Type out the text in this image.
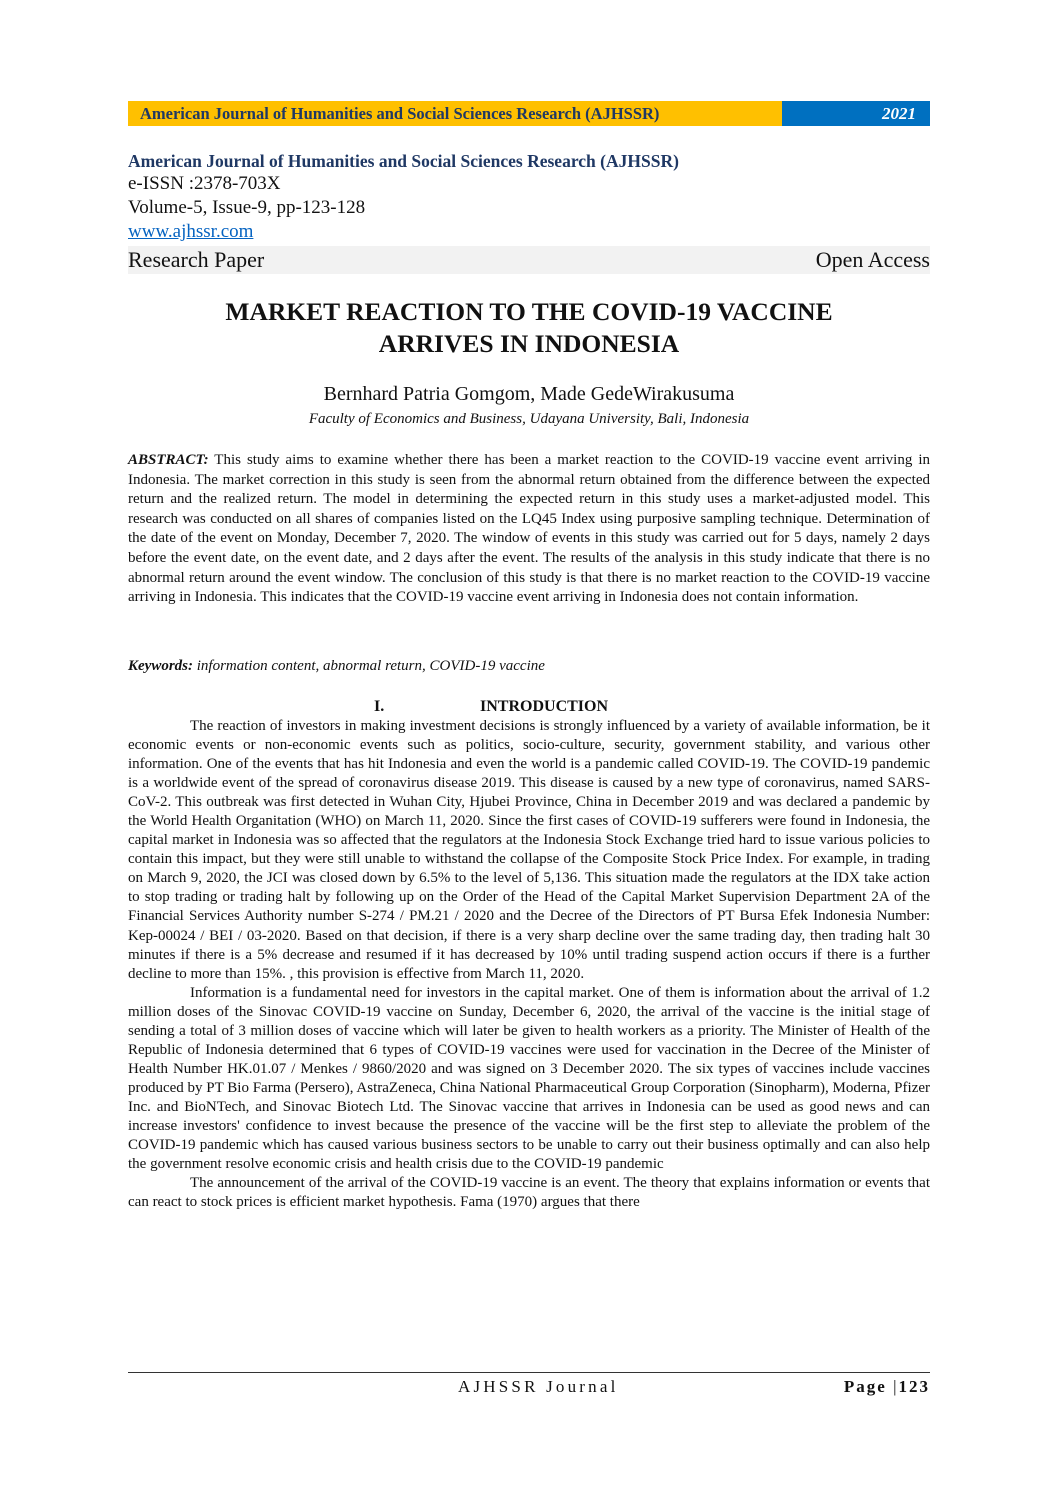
American Journal of Humanities and Social Sciences Research (AJHSSR)	2021
American Journal of Humanities and Social Sciences Research (AJHSSR)
e-ISSN :2378-703X
Volume-5, Issue-9, pp-123-128
www.ajhssr.com
Research Paper	Open Access
MARKET REACTION TO THE COVID-19 VACCINE
ARRIVES IN INDONESIA
Bernhard Patria Gomgom, Made GedeWirakusuma
Faculty of Economics and Business, Udayana University, Bali, Indonesia
ABSTRACT: This study aims to examine whether there has been a market reaction to the COVID-19 vaccine event arriving in Indonesia. The market correction in this study is seen from the abnormal return obtained from the difference between the expected return and the realized return. The model in determining the expected return in this study uses a market-adjusted model. This research was conducted on all shares of companies listed on the LQ45 Index using purposive sampling technique. Determination of the date of the event on Monday, December 7, 2020. The window of events in this study was carried out for 5 days, namely 2 days before the event date, on the event date, and 2 days after the event. The results of the analysis in this study indicate that there is no abnormal return around the event window. The conclusion of this study is that there is no market reaction to the COVID-19 vaccine arriving in Indonesia. This indicates that the COVID-19 vaccine event arriving in Indonesia does not contain information.
Keywords: information content, abnormal return, COVID-19 vaccine
I.	INTRODUCTION

The reaction of investors in making investment decisions is strongly influenced by a variety of available information, be it economic events or non-economic events such as politics, socio-culture, security, government stability, and various other information. One of the events that has hit Indonesia and even the world is a pandemic called COVID-19. The COVID-19 pandemic is a worldwide event of the spread of coronavirus disease 2019. This disease is caused by a new type of coronavirus, named SARS-CoV-2. This outbreak was first detected in Wuhan City, Hjubei Province, China in December 2019 and was declared a pandemic by the World Health Organitation (WHO) on March 11, 2020. Since the first cases of COVID-19 sufferers were found in Indonesia, the capital market in Indonesia was so affected that the regulators at the Indonesia Stock Exchange tried hard to issue various policies to contain this impact, but they were still unable to withstand the collapse of the Composite Stock Price Index. For example, in trading on March 9, 2020, the JCI was closed down by 6.5% to the level of 5,136. This situation made the regulators at the IDX take action to stop trading or trading halt by following up on the Order of the Head of the Capital Market Supervision Department 2A of the Financial Services Authority number S-274 / PM.21 / 2020 and the Decree of the Directors of PT Bursa Efek Indonesia Number: Kep-00024 / BEI / 03-2020. Based on that decision, if there is a very sharp decline over the same trading day, then trading halt 30 minutes if there is a 5% decrease and resumed if it has decreased by 10% until trading suspend action occurs if there is a further decline to more than 15%. , this provision is effective from March 11, 2020.

Information is a fundamental need for investors in the capital market. One of them is information about the arrival of 1.2 million doses of the Sinovac COVID-19 vaccine on Sunday, December 6, 2020, the arrival of the vaccine is the initial stage of sending a total of 3 million doses of vaccine which will later be given to health workers as a priority. The Minister of Health of the Republic of Indonesia determined that 6 types of COVID-19 vaccines were used for vaccination in the Decree of the Minister of Health Number HK.01.07 / Menkes / 9860/2020 and was signed on 3 December 2020. The six types of vaccines include vaccines produced by PT Bio Farma (Persero), AstraZeneca, China National Pharmaceutical Group Corporation (Sinopharm), Moderna, Pfizer Inc. and BioNTech, and Sinovac Biotech Ltd. The Sinovac vaccine that arrives in Indonesia can be used as good news and can increase investors' confidence to invest because the presence of the vaccine will be the first step to alleviate the problem of the COVID-19 pandemic which has caused various business sectors to be unable to carry out their business optimally and can also help the government resolve economic crisis and health crisis due to the COVID-19 pandemic

The announcement of the arrival of the COVID-19 vaccine is an event. The theory that explains information or events that can react to stock prices is efficient market hypothesis. Fama (1970) argues that there

AJHSSR Journal	Page |123
